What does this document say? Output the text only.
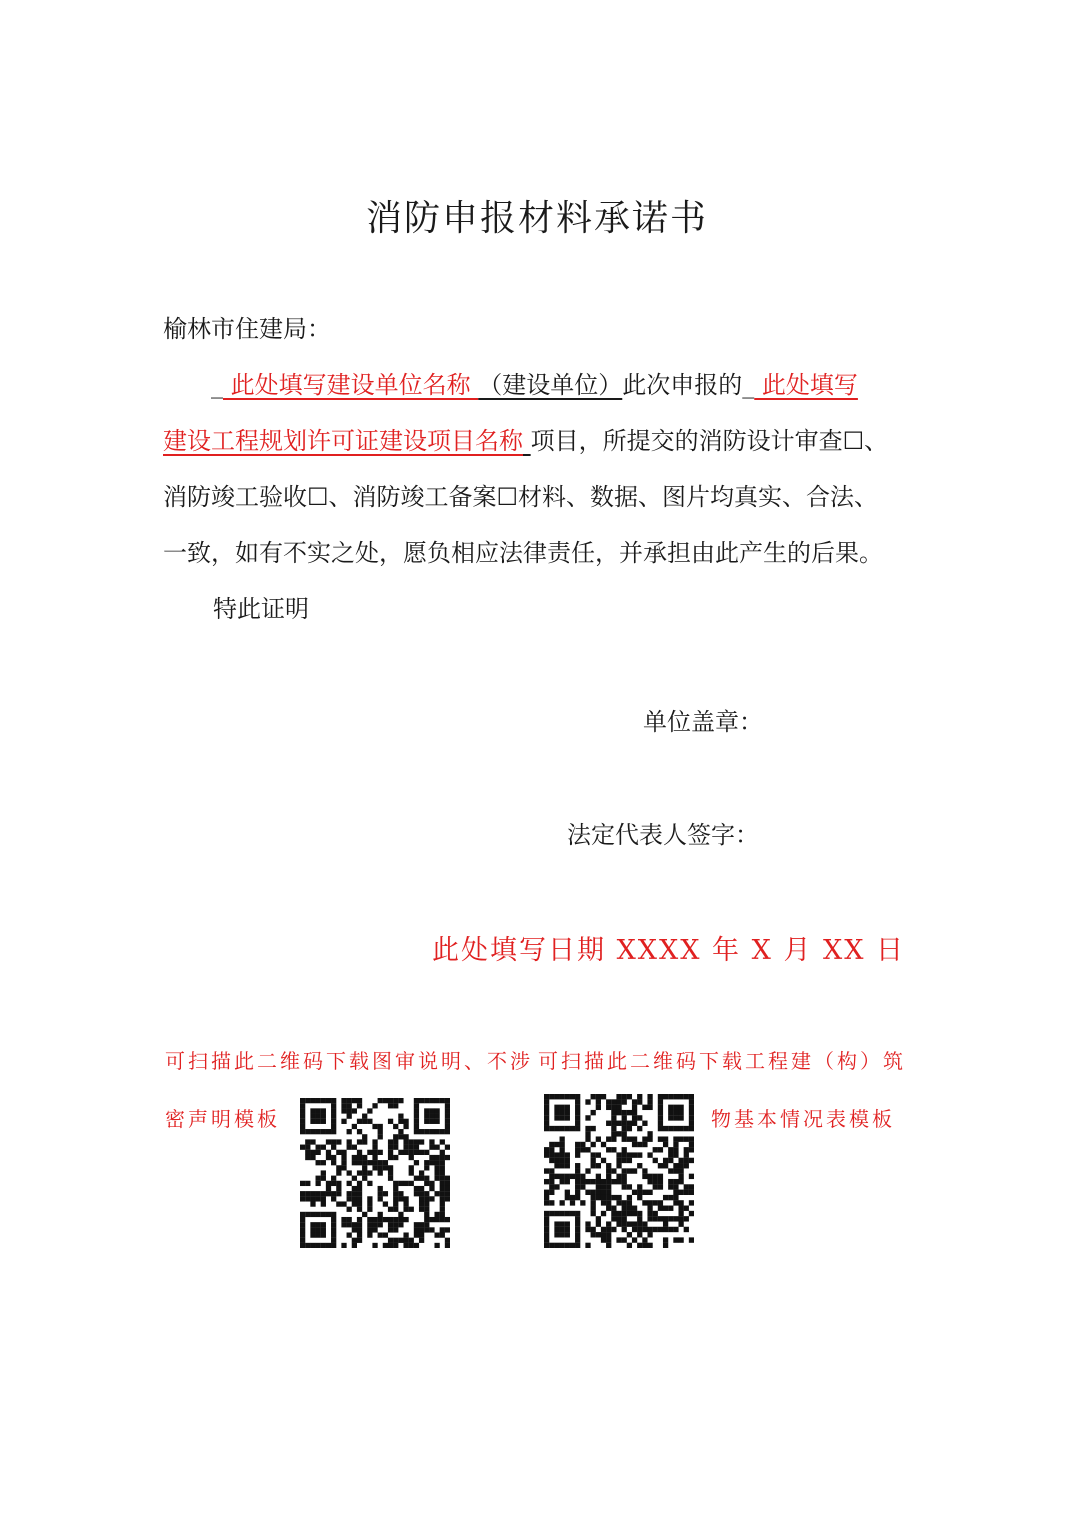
消防申报材料承诺书
榆林市住建局：
_ 此处填写建设单位名称 （建设单位）此次申报的_ 此处填写
建设工程规划许可证建设项目名称 项目，所提交的消防设计审查☐、
消防竣工验收☐、消防竣工备案☐材料、数据、图片均真实、合法、
一致，如有不实之处，愿负相应法律责任，并承担由此产生的后果。
特此证明
单位盖章：
法定代表人签字：
此处填写日期 XXXX 年 X 月 XX 日
可扫描此二维码下载图审说明、不涉
密声明模板
可扫描此二维码下载工程建（构）筑
物基本情况表模板
